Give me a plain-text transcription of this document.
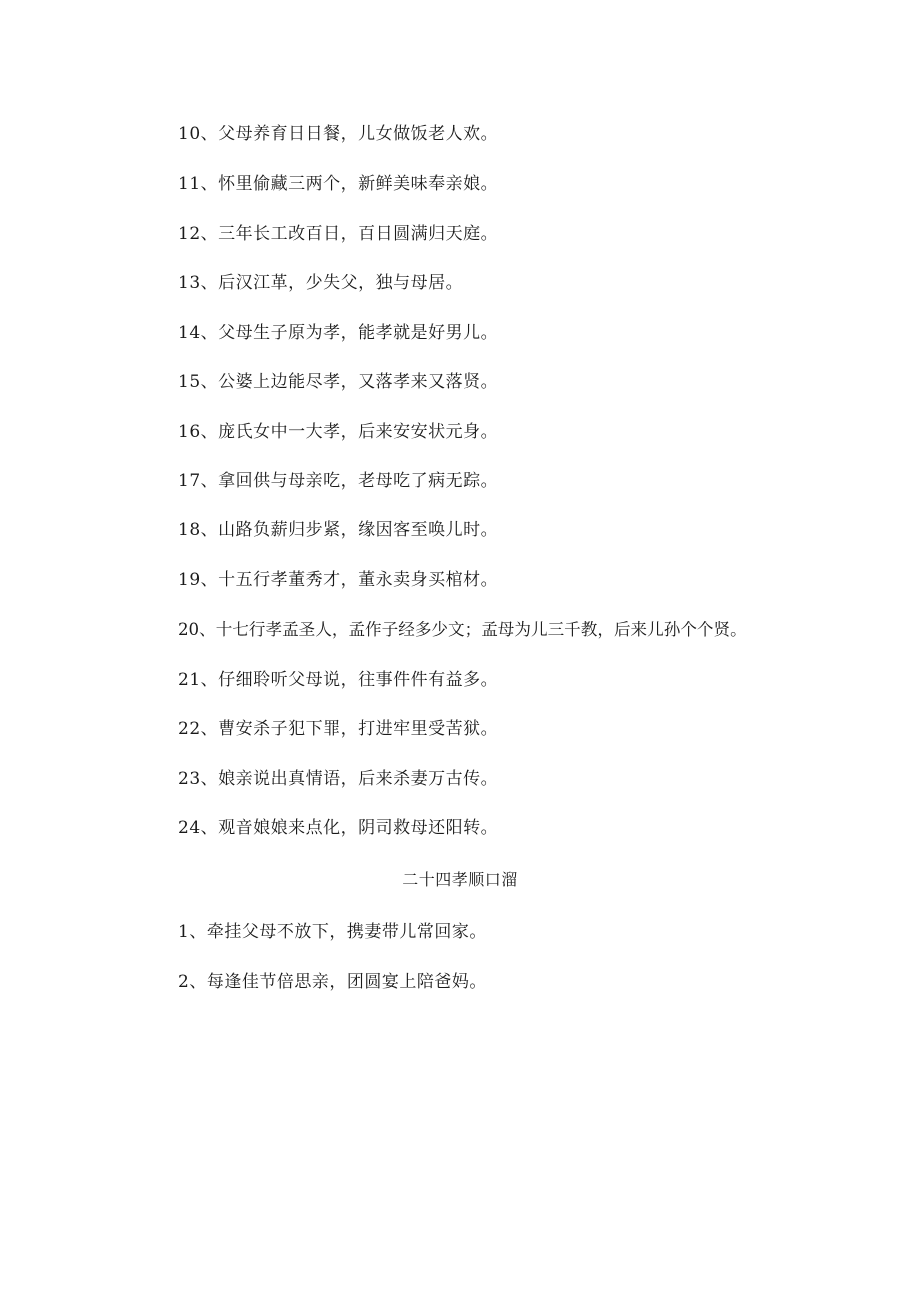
10、父母养育日日餐，儿女做饭老人欢。
11、怀里偷藏三两个，新鲜美味奉亲娘。
12、三年长工改百日，百日圆满归天庭。
13、后汉江革，少失父，独与母居。
14、父母生子原为孝，能孝就是好男儿。
15、公婆上边能尽孝，又落孝来又落贤。
16、庞氏女中一大孝，后来安安状元身。
17、拿回供与母亲吃，老母吃了病无踪。
18、山路负薪归步紧，缘因客至唤儿时。
19、十五行孝董秀才，董永卖身买棺材。
20、十七行孝孟圣人，孟作子经多少文；孟母为儿三千教，后来儿孙个个贤。
21、仔细聆听父母说，往事件件有益多。
22、曹安杀子犯下罪，打进牢里受苦狱。
23、娘亲说出真情语，后来杀妻万古传。
24、观音娘娘来点化，阴司救母还阳转。
二十四孝顺口溜
1、牵挂父母不放下，携妻带儿常回家。
2、每逢佳节倍思亲，团圆宴上陪爸妈。
